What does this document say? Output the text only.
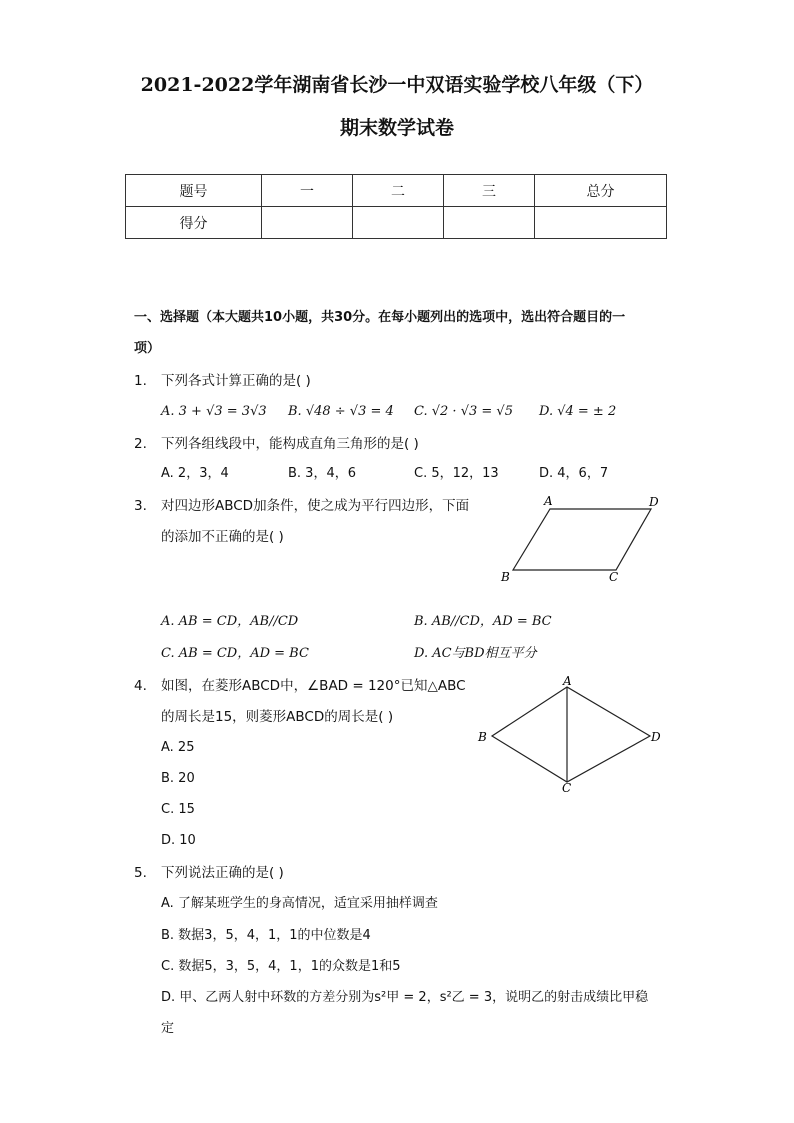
2021-2022学年湖南省长沙一中双语实验学校八年级（下）
期末数学试卷
题号	一	二	三	总分
得分				
一、选择题（本大题共10小题，共30分。在每小题列出的选项中，选出符合题目的一
项）
1. 下列各式计算正确的是( )
A. 3 + √3 = 3√3 B. √48 ÷ √3 = 4 C. √2 · √3 = √5 D. √4 = ± 2
2. 下列各组线段中，能构成直角三角形的是( )
A. 2，3，4	B. 3，4，6	C. 5，12，13	D. 4，6，7
3. 对四边形ABCD加条件，使之成为平行四边形，下面
的添加不正确的是( )
A	D
B	C
A. AB = CD，AB//CD	B. AB//CD，AD = BC
C. AB = CD，AD = BC	D. AC与BD相互平分
4. 如图，在菱形ABCD中，∠BAD = 120°已知△ABC
的周长是15，则菱形ABCD的周长是( )
A
B	D
C
A. 25
B. 20
C. 15
D. 10
5. 下列说法正确的是( )
A. 了解某班学生的身高情况，适宜采用抽样调查
B. 数据3，5，4，1，1的中位数是4
C. 数据5，3，5，4，1，1的众数是1和5
D. 甲、乙两人射中环数的方差分别为s²甲 = 2，s²乙 = 3，说明乙的射击成绩比甲稳
定
